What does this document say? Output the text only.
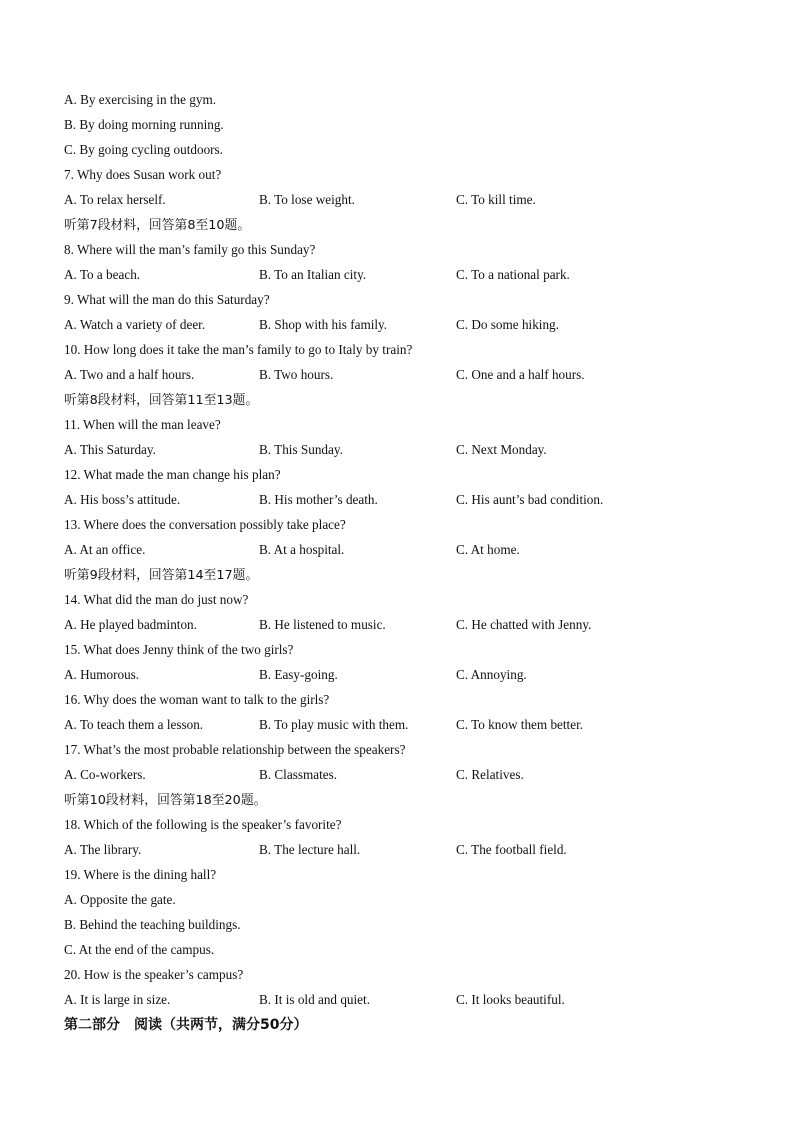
A. By exercising in the gym.
B. By doing morning running.
C. By going cycling outdoors.
7. Why does Susan work out?
A. To relax herself.	B. To lose weight.	C. To kill time.
听第7段材料，回答第8至10题。
8. Where will the man’s family go this Sunday?
A. To a beach.	B. To an Italian city.	C. To a national park.
9. What will the man do this Saturday?
A. Watch a variety of deer.	B. Shop with his family.	C. Do some hiking.
10. How long does it take the man’s family to go to Italy by train?
A. Two and a half hours.	B. Two hours.	C. One and a half hours.
听第8段材料，回答第11至13题。
11. When will the man leave?
A. This Saturday.	B. This Sunday.	C. Next Monday.
12. What made the man change his plan?
A. His boss’s attitude.	B. His mother’s death.	C. His aunt’s bad condition.
13. Where does the conversation possibly take place?
A. At an office.	B. At a hospital.	C. At home.
听第9段材料，回答第14至17题。
14. What did the man do just now?
A. He played badminton.	B. He listened to music.	C. He chatted with Jenny.
15. What does Jenny think of the two girls?
A. Humorous.	B. Easy-going.	C. Annoying.
16. Why does the woman want to talk to the girls?
A. To teach them a lesson.	B. To play music with them.	C. To know them better.
17. What’s the most probable relationship between the speakers?
A. Co-workers.	B. Classmates.	C. Relatives.
听第10段材料，回答第18至20题。
18. Which of the following is the speaker’s favorite?
A. The library.	B. The lecture hall.	C. The football field.
19. Where is the dining hall?
A. Opposite the gate.
B. Behind the teaching buildings.
C. At the end of the campus.
20. How is the speaker’s campus?
A. It is large in size.	B. It is old and quiet.	C. It looks beautiful.
第二部分　阅读（共两节，满分50分）
